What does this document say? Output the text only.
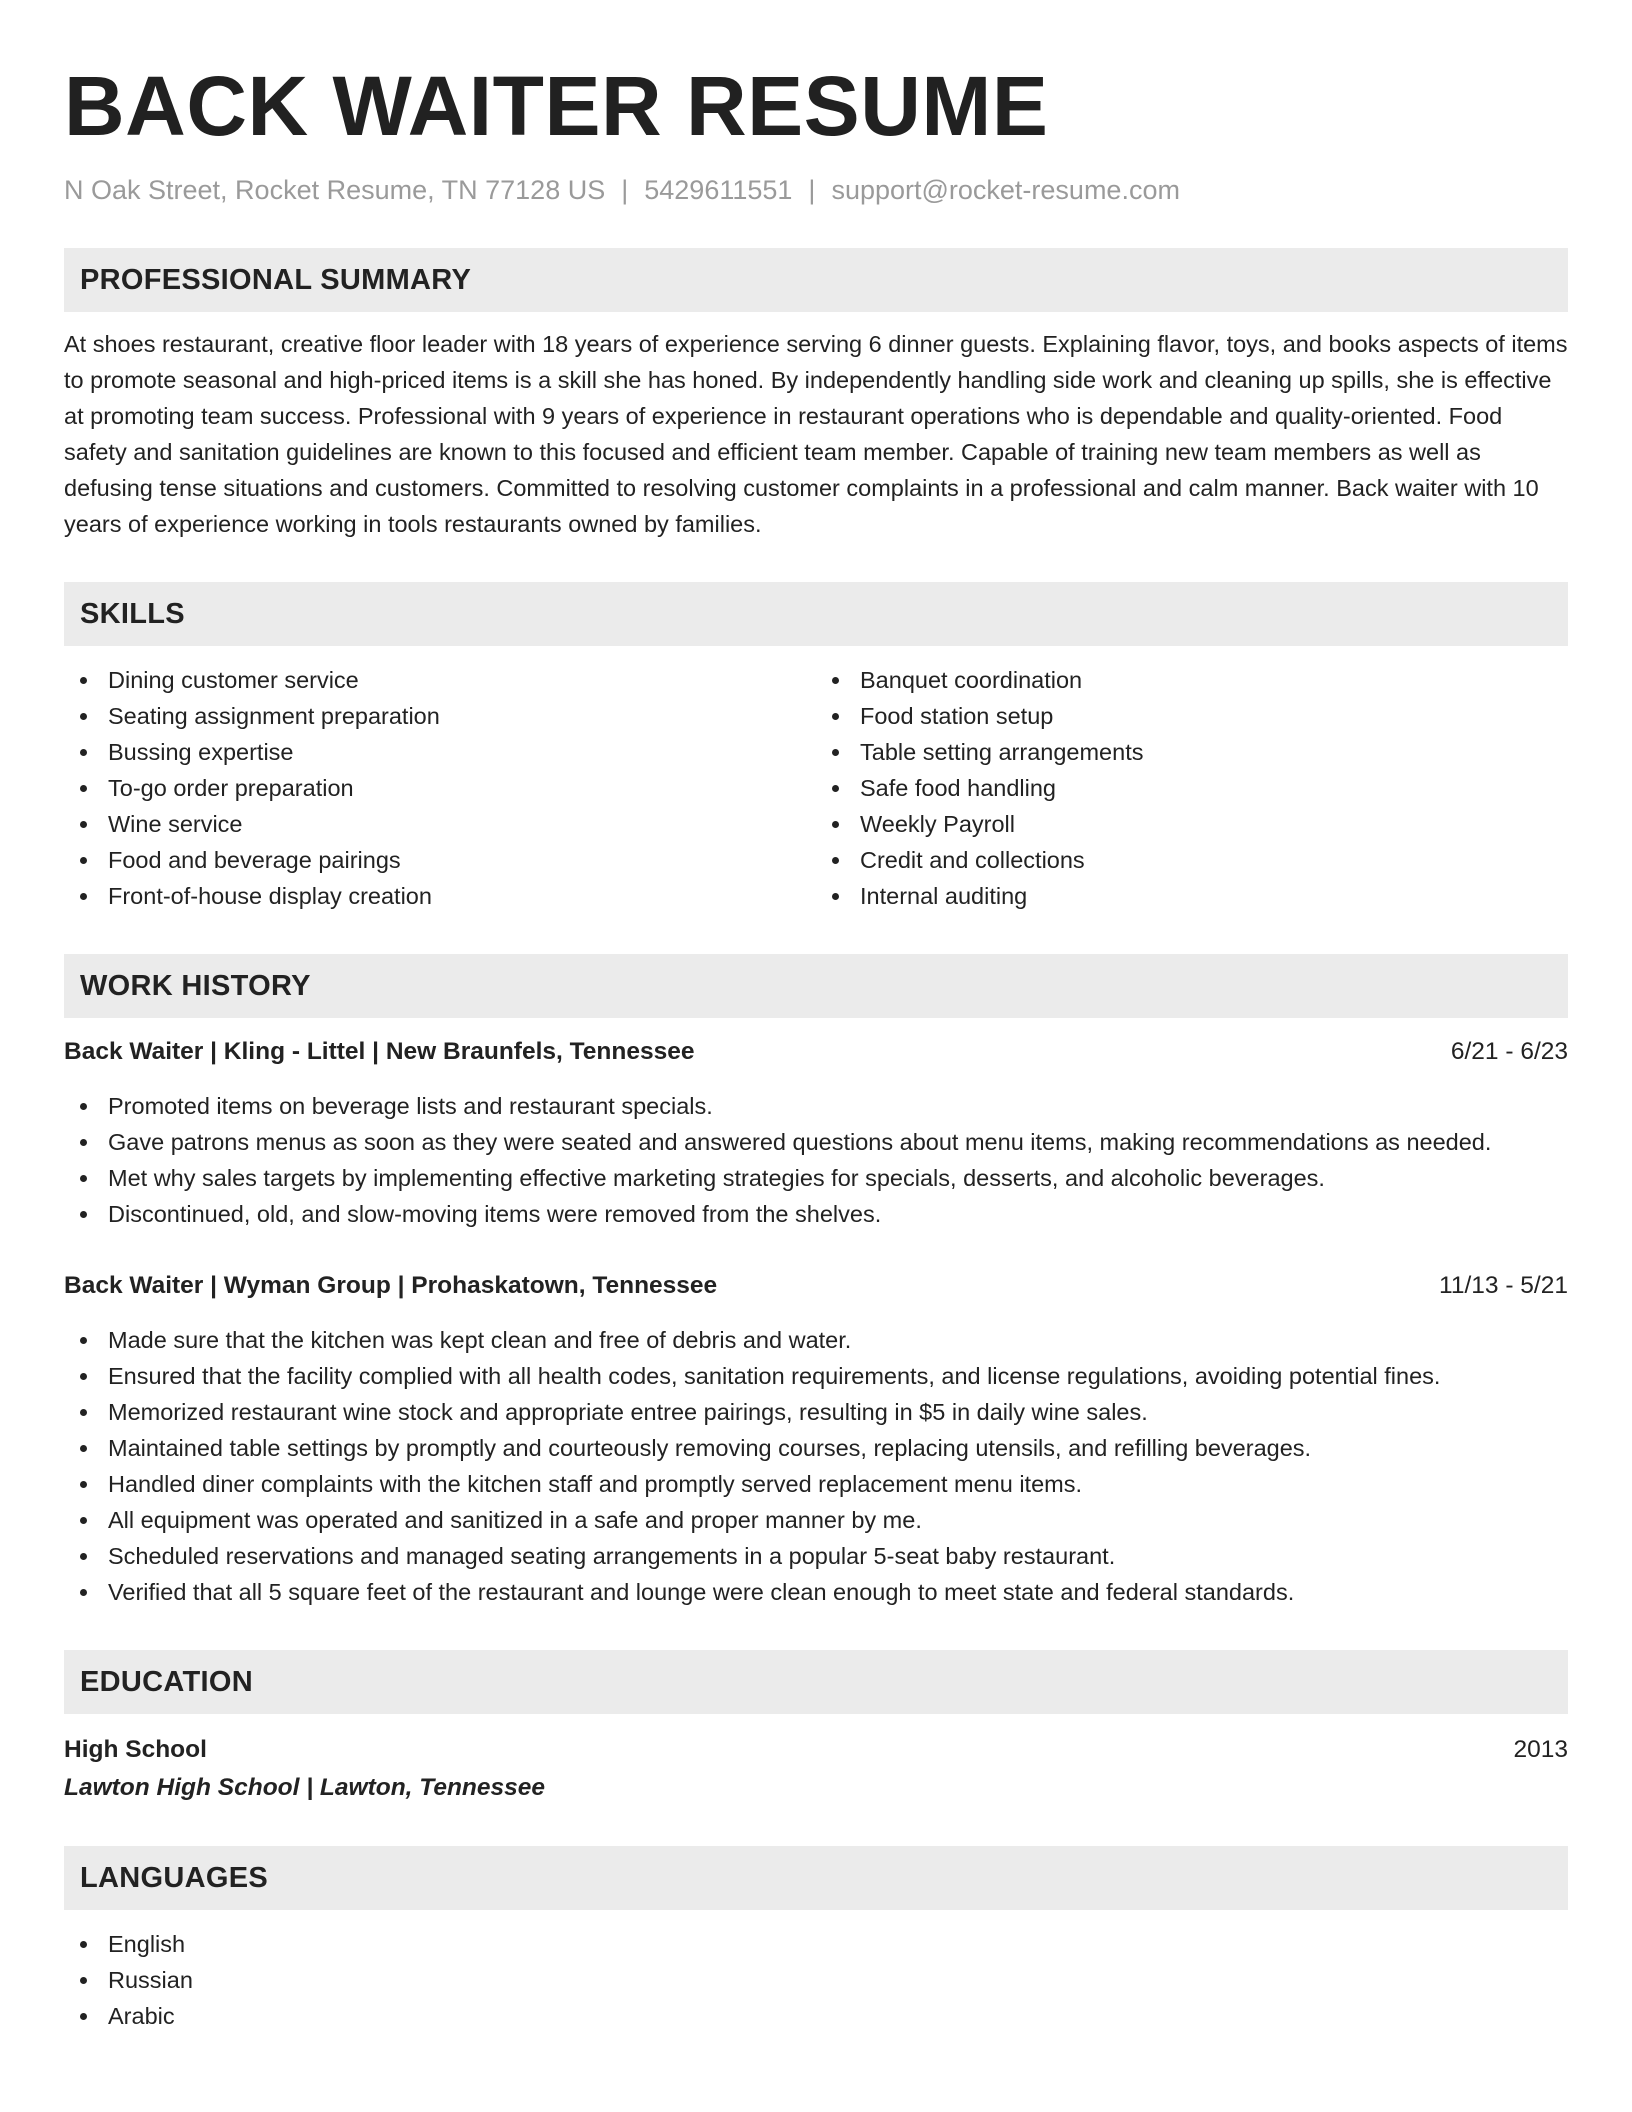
BACK WAITER RESUME
N Oak Street, Rocket Resume, TN 77128 US | 5429611551 | support@rocket-resume.com
PROFESSIONAL SUMMARY

At shoes restaurant, creative floor leader with 18 years of experience serving 6 dinner guests. Explaining flavor, toys, and books aspects of items to promote seasonal and high-priced items is a skill she has honed. By independently handling side work and cleaning up spills, she is effective at promoting team success. Professional with 9 years of experience in restaurant operations who is dependable and quality-oriented. Food safety and sanitation guidelines are known to this focused and efficient team member. Capable of training new team members as well as defusing tense situations and customers. Committed to resolving customer complaints in a professional and calm manner. Back waiter with 10 years of experience working in tools restaurants owned by families.

SKILLS
Dining customer service
Seating assignment preparation
Bussing expertise
To-go order preparation
Wine service
Food and beverage pairings
Front-of-house display creation
Banquet coordination
Food station setup
Table setting arrangements
Safe food handling
Weekly Payroll
Credit and collections
Internal auditing
WORK HISTORY
Back Waiter | Kling - Littel | New Braunfels, Tennessee	6/21 - 6/23
Promoted items on beverage lists and restaurant specials.
Gave patrons menus as soon as they were seated and answered questions about menu items, making recommendations as needed.
Met why sales targets by implementing effective marketing strategies for specials, desserts, and alcoholic beverages.
Discontinued, old, and slow-moving items were removed from the shelves.
Back Waiter | Wyman Group | Prohaskatown, Tennessee	11/13 - 5/21
Made sure that the kitchen was kept clean and free of debris and water.
Ensured that the facility complied with all health codes, sanitation requirements, and license regulations, avoiding potential fines.
Memorized restaurant wine stock and appropriate entree pairings, resulting in $5 in daily wine sales.
Maintained table settings by promptly and courteously removing courses, replacing utensils, and refilling beverages.
Handled diner complaints with the kitchen staff and promptly served replacement menu items.
All equipment was operated and sanitized in a safe and proper manner by me.
Scheduled reservations and managed seating arrangements in a popular 5-seat baby restaurant.
Verified that all 5 square feet of the restaurant and lounge were clean enough to meet state and federal standards.
EDUCATION
High School	2013
Lawton High School | Lawton, Tennessee
LANGUAGES
English
Russian
Arabic
